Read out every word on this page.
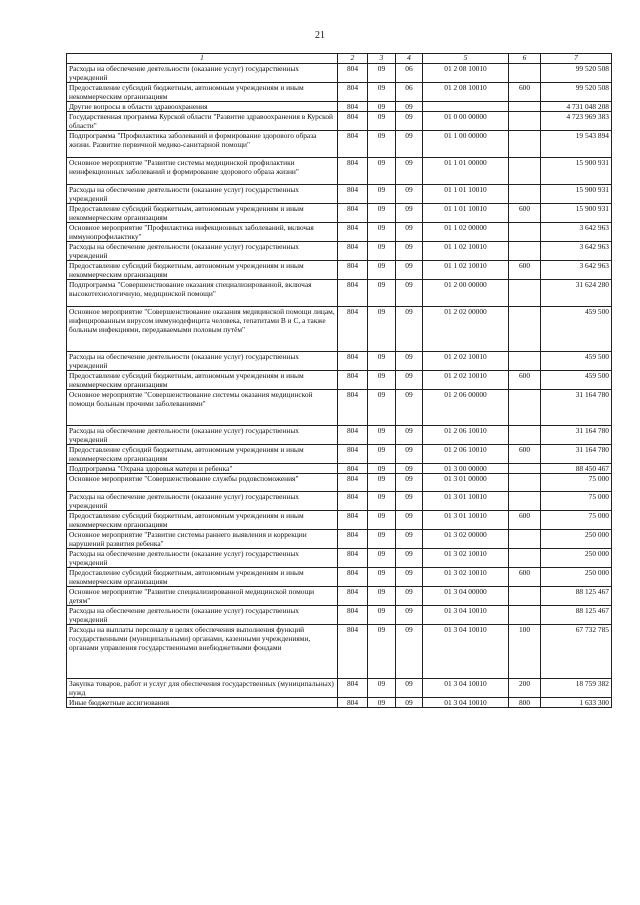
21
1	2	3	4	5	6	7
Расходы на обеспечение деятельности (оказание услуг) государственных учреждений	804	09	06	01 2 08 10010		99 520 508
Предоставление субсидий бюджетным, автономным учреждениям и иным некоммерческим организациям	804	09	06	01 2 08 10010	600	99 520 508
Другие вопросы в области здравоохранения	804	09	09			4 731 048 208
Государственная программа Курской области "Развитие здравоохранения в Курской области"	804	09	09	01 0 00 00000		4 723 969 383
Подпрограмма "Профилактика заболеваний и формирование здорового образа жизни. Развитие первичной медико-санитарной помощи"	804	09	09	01 1 00 00000		19 543 894
Основное мероприятие "Развитие системы медицинской профилактики неинфекционных заболеваний и формирование здорового образа жизни"	804	09	09	01 1 01 00000		15 900 931
Расходы на обеспечение деятельности (оказание услуг) государственных учреждений	804	09	09	01 1 01 10010		15 900 931
Предоставление субсидий бюджетным, автономным учреждениям и иным некоммерческим организациям	804	09	09	01 1 01 10010	600	15 900 931
Основное мероприятие "Профилактика инфекционных заболеваний, включая иммунопрофилактику"	804	09	09	01 1 02 00000		3 642 963
Расходы на обеспечение деятельности (оказание услуг) государственных учреждений	804	09	09	01 1 02 10010		3 642 963
Предоставление субсидий бюджетным, автономным учреждениям и иным некоммерческим организациям	804	09	09	01 1 02 10010	600	3 642 963
Подпрограмма "Совершенствование оказания специализированной, включая высокотехнологичную, медицинской помощи"	804	09	09	01 2 00 00000		31 624 280
Основное мероприятие "Совершенствование оказания медицинской помощи лицам, инфицированным вирусом иммунодефицита человека, гепатитами В и С, а также больным инфекциями, передаваемыми половым путём"	804	09	09	01 2 02 00000		459 500
Расходы на обеспечение деятельности (оказание услуг) государственных учреждений	804	09	09	01 2 02 10010		459 500
Предоставление субсидий бюджетным, автономным учреждениям и иным некоммерческим организациям	804	09	09	01 2 02 10010	600	459 500
Основное мероприятие "Совершенствование системы оказания медицинской помощи больным прочими заболеваниями"	804	09	09	01 2 06 00000		31 164 780
Расходы на обеспечение деятельности (оказание услуг) государственных учреждений	804	09	09	01 2 06 10010		31 164 780
Предоставление субсидий бюджетным, автономным учреждениям и иным некоммерческим организациям	804	09	09	01 2 06 10010	600	31 164 780
Подпрограмма "Охрана здоровья матери и ребенка"	804	09	09	01 3 00 00000		88 450 467
Основное мероприятие "Совершенствование службы родовспоможения"	804	09	09	01 3 01 00000		75 000
Расходы на обеспечение деятельности (оказание услуг) государственных учреждений	804	09	09	01 3 01 10010		75 000
Предоставление субсидий бюджетным, автономным учреждениям и иным некоммерческим организациям	804	09	09	01 3 01 10010	600	75 000
Основное мероприятие "Развитие системы раннего выявления и коррекции нарушений развития ребенка"	804	09	09	01 3 02 00000		250 000
Расходы на обеспечение деятельности (оказание услуг) государственных учреждений	804	09	09	01 3 02 10010		250 000
Предоставление субсидий бюджетным, автономным учреждениям и иным некоммерческим организациям	804	09	09	01 3 02 10010	600	250 000
Основное мероприятие "Развитие специализированной медицинской помощи детям"	804	09	09	01 3 04 00000		88 125 467
Расходы на обеспечение деятельности (оказание услуг) государственных учреждений	804	09	09	01 3 04 10010		88 125 467
Расходы на выплаты персоналу в целях обеспечения выполнения функций государственными (муниципальными) органами, казенными учреждениями, органами управления государственными внебюджетными фондами	804	09	09	01 3 04 10010	100	67 732 785
Закупка товаров, работ и услуг для обеспечения государственных (муниципальных) нужд	804	09	09	01 3 04 10010	200	18 759 382
Иные бюджетные ассигнования	804	09	09	01 3 04 10010	800	1 633 300
